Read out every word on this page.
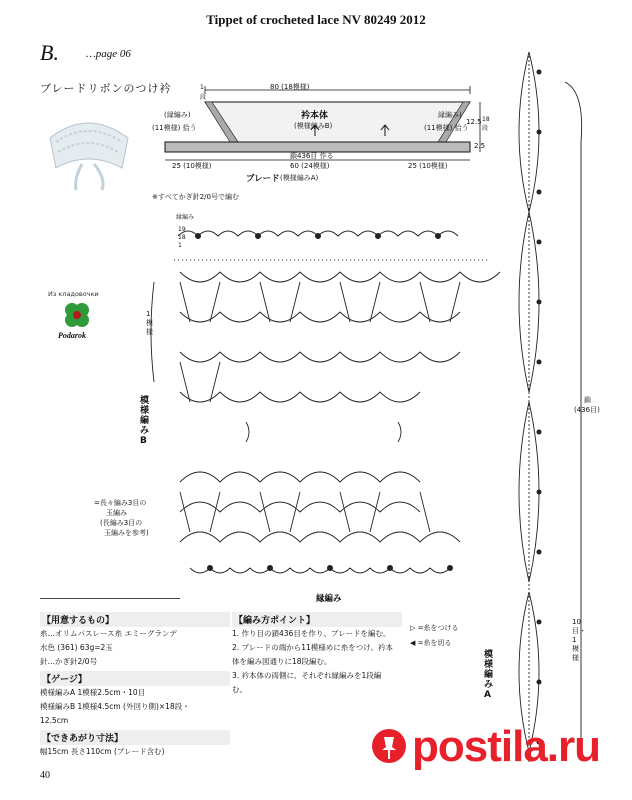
Tippet of crocheted lace NV 80249 2012
B. …page 06
ブレードリボンのつけ衿	80 (18模様)
1
段
(縁編み)	縁編み)
(11模様) 拾う	(11模様) 拾う
衿本体
(模様編みB)	12.5 18 段
2.5
鎖436目 作る
60 (24模様)
25 (10模様)	25 (10模様)
ブレード (模様編みA)
※すべてかぎ針2/0号で編む
縁編み
19
18
1
1模様
模様編みB
=長々編み3目の
玉編み
(長編み3目の
玉編みを参考)
縁編み
鎖
(436目)
10目・1模様
模様編みA
Из кладовочки
Podarok
【用意するもの】
糸…オリムパスレース糸 エミーグランデ
水色 (361) 63g=2玉
針…かぎ針2/0号
【ゲージ】
模様編みA 1模様2.5cm・10目
模様編みB 1模様4.5cm (外回り側)×18段・
12.5cm
【できあがり寸法】
幅15cm 長さ110cm (ブレード含む)
【編み方ポイント】
1. 作り目の鎖436目を作り、ブレードを編む。
2. ブレードの端から11模様めに糸をつけ、衿本
体を編み図通りに18段編む。
3. 衿本体の両側に、それぞれ縁編みを1段編
む。
▷ =糸をつける
◀ =糸を切る
40
postila.ru
